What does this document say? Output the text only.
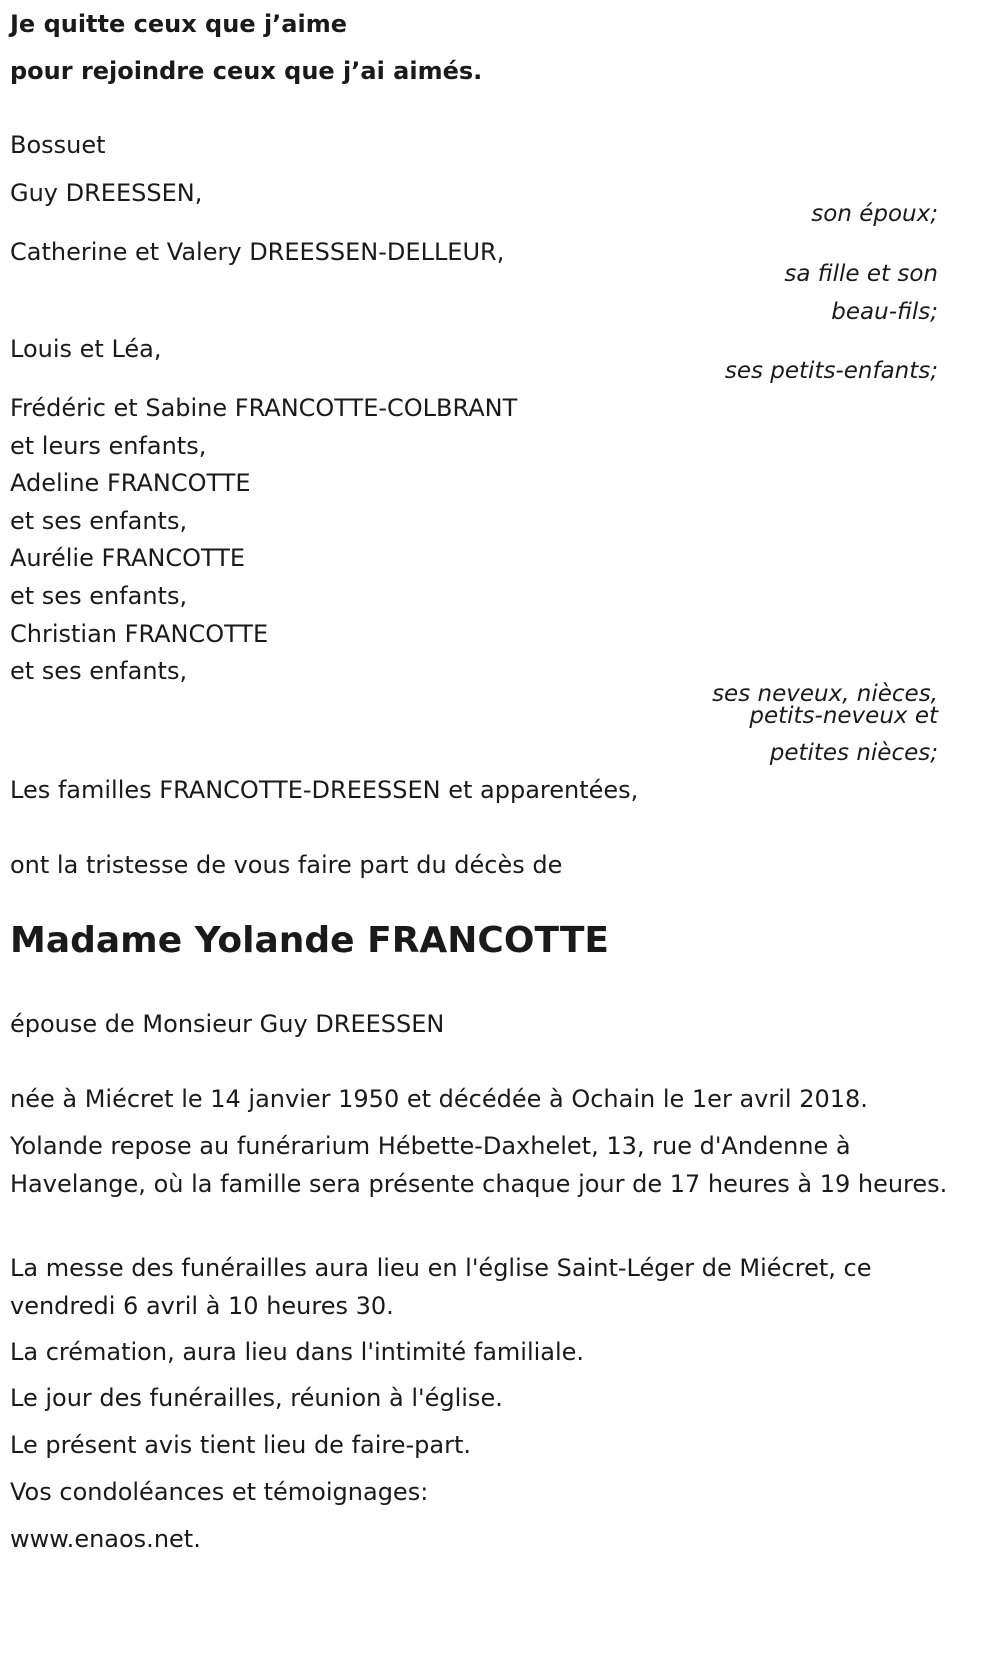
Je quitte ceux que j’aime
pour rejoindre ceux que j’ai aimés.
Bossuet
Guy DREESSEN,
son époux;
Catherine et Valery DREESSEN-DELLEUR,
sa fille et son
beau-fils;
Louis et Léa,
ses petits-enfants;
Frédéric et Sabine FRANCOTTE-COLBRANT
et leurs enfants,
Adeline FRANCOTTE
et ses enfants,
Aurélie FRANCOTTE
et ses enfants,
Christian FRANCOTTE
et ses enfants,
ses neveux, nièces,
petits-neveux et
petites nièces;
Les familles FRANCOTTE-DREESSEN et apparentées,
ont la tristesse de vous faire part du décès de
Madame Yolande FRANCOTTE
épouse de Monsieur Guy DREESSEN
née à Miécret le 14 janvier 1950 et décédée à Ochain le 1er avril 2018.
Yolande repose au funérarium Hébette-Daxhelet, 13, rue d'Andenne à Havelange, où la famille sera présente chaque jour de 17 heures à 19 heures.
La messe des funérailles aura lieu en l'église Saint-Léger de Miécret, ce vendredi 6 avril à 10 heures 30.
La crémation, aura lieu dans l'intimité familiale.
Le jour des funérailles, réunion à l'église.
Le présent avis tient lieu de faire-part.
Vos condoléances et témoignages:
www.enaos.net.
